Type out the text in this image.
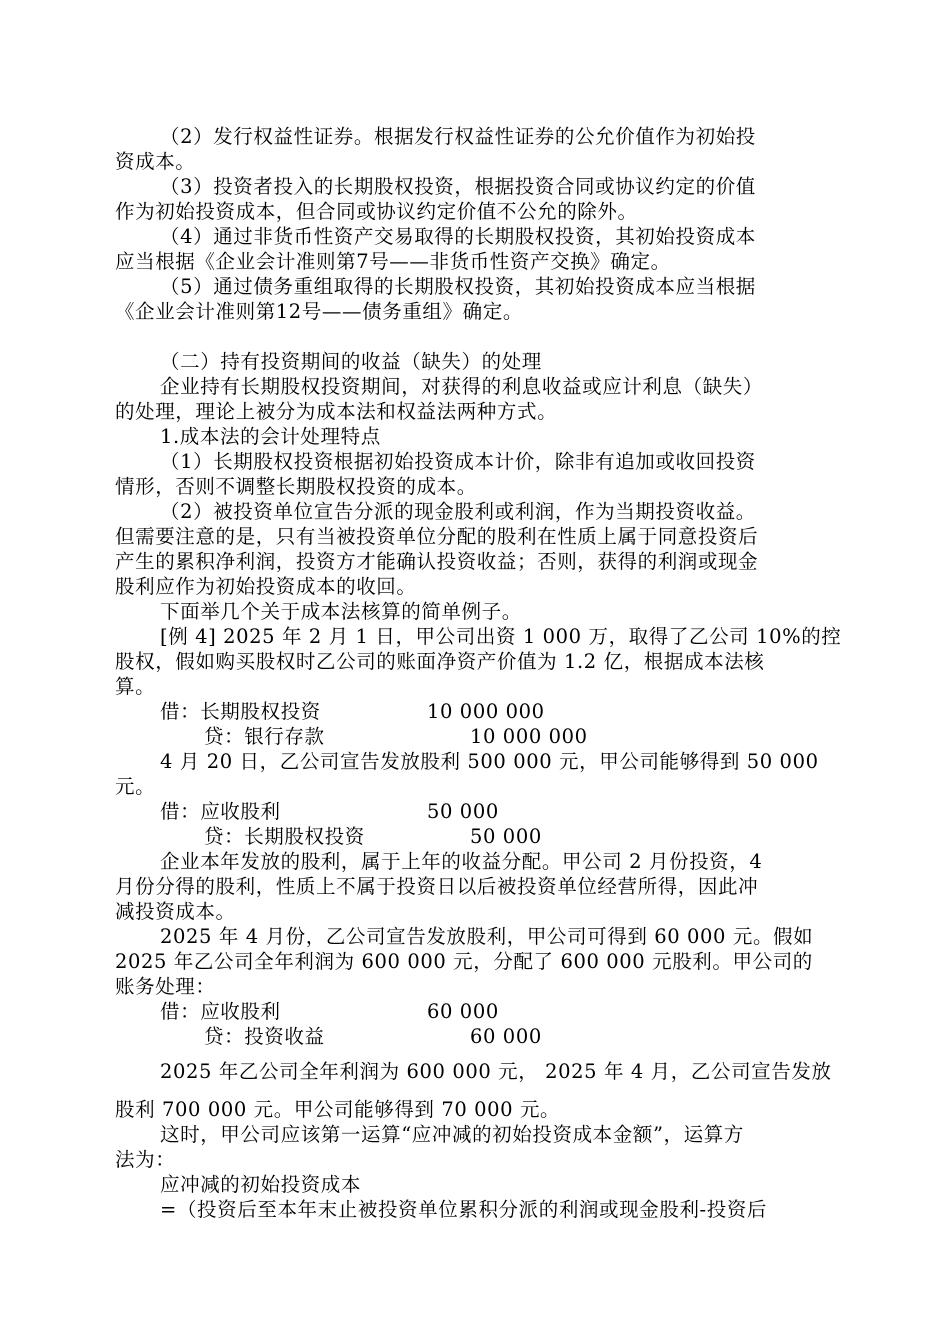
（2）发行权益性证券。根据发行权益性证券的公允价值作为初始投
资成本。
（3）投资者投入的长期股权投资，根据投资合同或协议约定的价值
作为初始投资成本，但合同或协议约定价值不公允的除外。
（4）通过非货币性资产交易取得的长期股权投资，其初始投资成本
应当根据《企业会计准则第7号——非货币性资产交换》确定。
（5）通过债务重组取得的长期股权投资，其初始投资成本应当根据
《企业会计准则第12号——债务重组》确定。
（二）持有投资期间的收益（缺失）的处理
企业持有长期股权投资期间，对获得的利息收益或应计利息（缺失）
的处理，理论上被分为成本法和权益法两种方式。
1.成本法的会计处理特点
（1）长期股权投资根据初始投资成本计价，除非有追加或收回投资
情形，否则不调整长期股权投资的成本。
（2）被投资单位宣告分派的现金股利或利润，作为当期投资收益。
但需要注意的是，只有当被投资单位分配的股利在性质上属于同意投资后
产生的累积净利润，投资方才能确认投资收益；否则，获得的利润或现金
股利应作为初始投资成本的收回。
下面举几个关于成本法核算的简单例子。
[例 4] 2025 年 2 月 1 日，甲公司出资 1 000 万，取得了乙公司 10%的控
股权，假如购买股权时乙公司的账面净资产价值为 1.2 亿，根据成本法核
算。
借：长期股权投资	10 000 000
贷：银行存款	10 000 000
4 月 20 日，乙公司宣告发放股利 500 000 元，甲公司能够得到 50 000
元。
借：应收股利	50 000
贷：长期股权投资	50 000
企业本年发放的股利，属于上年的收益分配。甲公司 2 月份投资，4
月份分得的股利，性质上不属于投资日以后被投资单位经营所得，因此冲
减投资成本。
2025 年 4 月份，乙公司宣告发放股利，甲公司可得到 60 000 元。假如
2025 年乙公司全年利润为 600 000 元，分配了 600 000 元股利。甲公司的
账务处理：
借：应收股利	60 000
贷：投资收益	60 000
2025 年乙公司全年利润为 600 000 元， 2025 年 4 月，乙公司宣告发放
股利 700 000 元。甲公司能够得到 70 000 元。
这时，甲公司应该第一运算“应冲减的初始投资成本金额”，运算方
法为：
应冲减的初始投资成本
=（投资后至本年末止被投资单位累积分派的利润或现金股利-投资后
